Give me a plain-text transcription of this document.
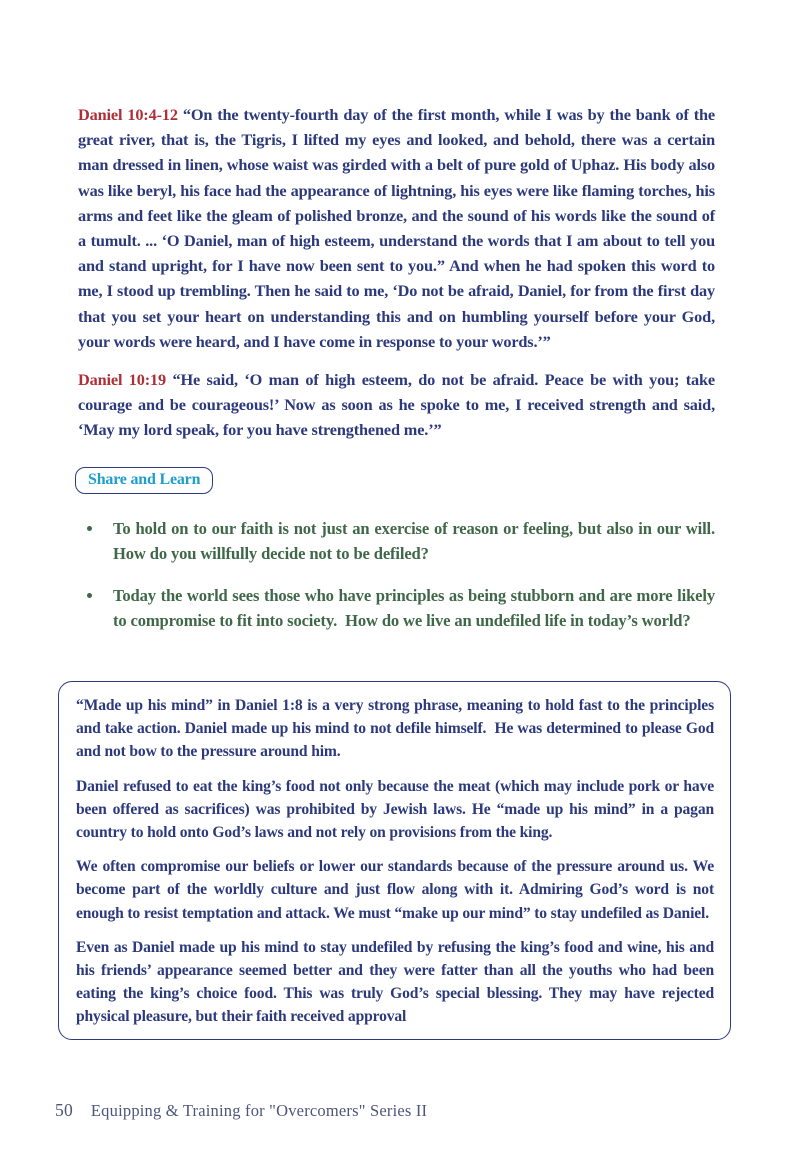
Daniel 10:4-12 “On the twenty-fourth day of the first month, while I was by the bank of the great river, that is, the Tigris, I lifted my eyes and looked, and behold, there was a certain man dressed in linen, whose waist was girded with a belt of pure gold of Uphaz. His body also was like beryl, his face had the appearance of lightning, his eyes were like flaming torches, his arms and feet like the gleam of polished bronze, and the sound of his words like the sound of a tumult. ... ‘O Daniel, man of high esteem, understand the words that I am about to tell you and stand upright, for I have now been sent to you.” And when he had spoken this word to me, I stood up trembling. Then he said to me, ‘Do not be afraid, Daniel, for from the first day that you set your heart on understanding this and on humbling yourself before your God, your words were heard, and I have come in response to your words.’”

Daniel 10:19 “He said, ‘O man of high esteem, do not be afraid. Peace be with you; take courage and be courageous!’ Now as soon as he spoke to me, I received strength and said, ‘May my lord speak, for you have strengthened me.’”

Share and Learn
To hold on to our faith is not just an exercise of reason or feeling, but also in our will. How do you willfully decide not to be defiled?
Today the world sees those who have principles as being stubborn and are more likely to compromise to fit into society.  How do we live an undefiled life in today’s world?

“Made up his mind” in Daniel 1:8 is a very strong phrase, meaning to hold fast to the principles and take action. Daniel made up his mind to not defile himself.  He was determined to please God and not bow to the pressure around him.

Daniel refused to eat the king’s food not only because the meat (which may include pork or have been offered as sacrifices) was prohibited by Jewish laws. He “made up his mind” in a pagan country to hold onto God’s laws and not rely on provisions from the king.

We often compromise our beliefs or lower our standards because of the pressure around us. We become part of the worldly culture and just flow along with it. Admiring God’s word is not enough to resist temptation and attack. We must “make up our mind” to stay undefiled as Daniel.

Even as Daniel made up his mind to stay undefiled by refusing the king’s food and wine, his and his friends’ appearance seemed better and they were fatter than all the youths who had been eating the king’s choice food. This was truly God’s special blessing. They may have rejected physical pleasure, but their faith received approval

50 Equipping & Training for "Overcomers" Series II
